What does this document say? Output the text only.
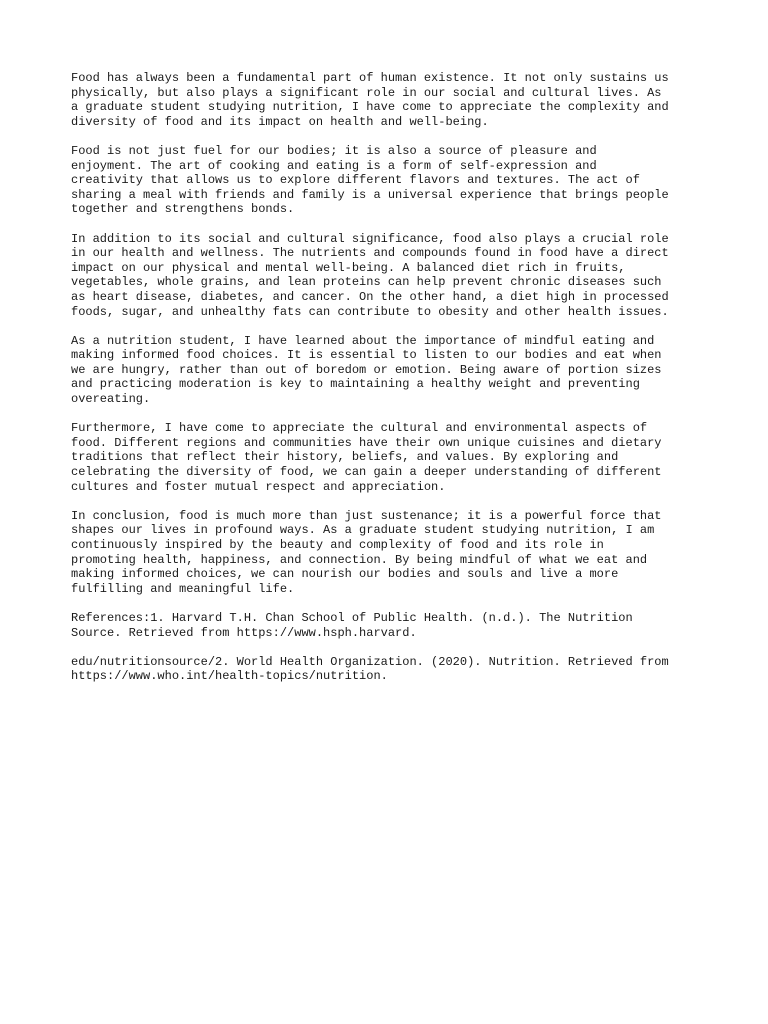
Food has always been a fundamental part of human existence. It not only sustains us
physically, but also plays a significant role in our social and cultural lives. As
a graduate student studying nutrition, I have come to appreciate the complexity and
diversity of food and its impact on health and well-being.

Food is not just fuel for our bodies; it is also a source of pleasure and
enjoyment. The art of cooking and eating is a form of self-expression and
creativity that allows us to explore different flavors and textures. The act of
sharing a meal with friends and family is a universal experience that brings people
together and strengthens bonds.

In addition to its social and cultural significance, food also plays a crucial role
in our health and wellness. The nutrients and compounds found in food have a direct
impact on our physical and mental well-being. A balanced diet rich in fruits,
vegetables, whole grains, and lean proteins can help prevent chronic diseases such
as heart disease, diabetes, and cancer. On the other hand, a diet high in processed
foods, sugar, and unhealthy fats can contribute to obesity and other health issues.

As a nutrition student, I have learned about the importance of mindful eating and
making informed food choices. It is essential to listen to our bodies and eat when
we are hungry, rather than out of boredom or emotion. Being aware of portion sizes
and practicing moderation is key to maintaining a healthy weight and preventing
overeating.

Furthermore, I have come to appreciate the cultural and environmental aspects of
food. Different regions and communities have their own unique cuisines and dietary
traditions that reflect their history, beliefs, and values. By exploring and
celebrating the diversity of food, we can gain a deeper understanding of different
cultures and foster mutual respect and appreciation.

In conclusion, food is much more than just sustenance; it is a powerful force that
shapes our lives in profound ways. As a graduate student studying nutrition, I am
continuously inspired by the beauty and complexity of food and its role in
promoting health, happiness, and connection. By being mindful of what we eat and
making informed choices, we can nourish our bodies and souls and live a more
fulfilling and meaningful life.

References:1. Harvard T.H. Chan School of Public Health. (n.d.). The Nutrition
Source. Retrieved from https://www.hsph.harvard.

edu/nutritionsource/2. World Health Organization. (2020). Nutrition. Retrieved from
https://www.who.int/health-topics/nutrition.
